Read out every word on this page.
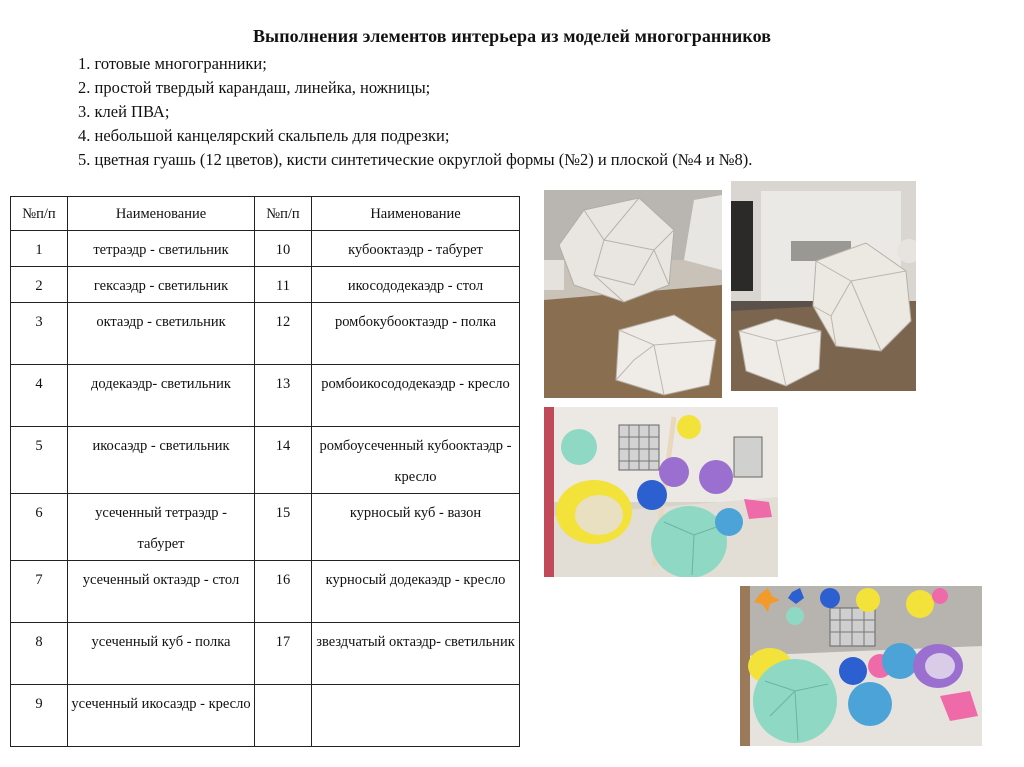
Выполнения элементов интерьера из моделей многогранников
1. готовые многогранники;
2. простой твердый карандаш, линейка, ножницы;
3. клей ПВА;
4. небольшой канцелярский скальпель для подрезки;
5. цветная гуашь (12 цветов), кисти синтетические округлой формы (№2) и плоской (№4 и №8).
№п/п	Наименование	№п/п	Наименование
1	тетраэдр - светильник	10	кубооктаэдр - табурет
2	гексаэдр - светильник	11	икосододекаэдр - стол
3	октаэдр - светильник	12	ромбокубооктаэдр - полка
4	додекаэдр- светильник	13	ромбоикосододекаэдр - кресло
5	икосаэдр - светильник	14	ромбоусеченный кубооктаэдр - кресло
6	усеченный тетраэдр - табурет	15	курносый куб - вазон
7	усеченный октаэдр - стол	16	курносый додекаэдр - кресло
8	усеченный куб - полка	17	звездчатый октаэдр- светильник
9	усеченный икосаэдр - кресло		
